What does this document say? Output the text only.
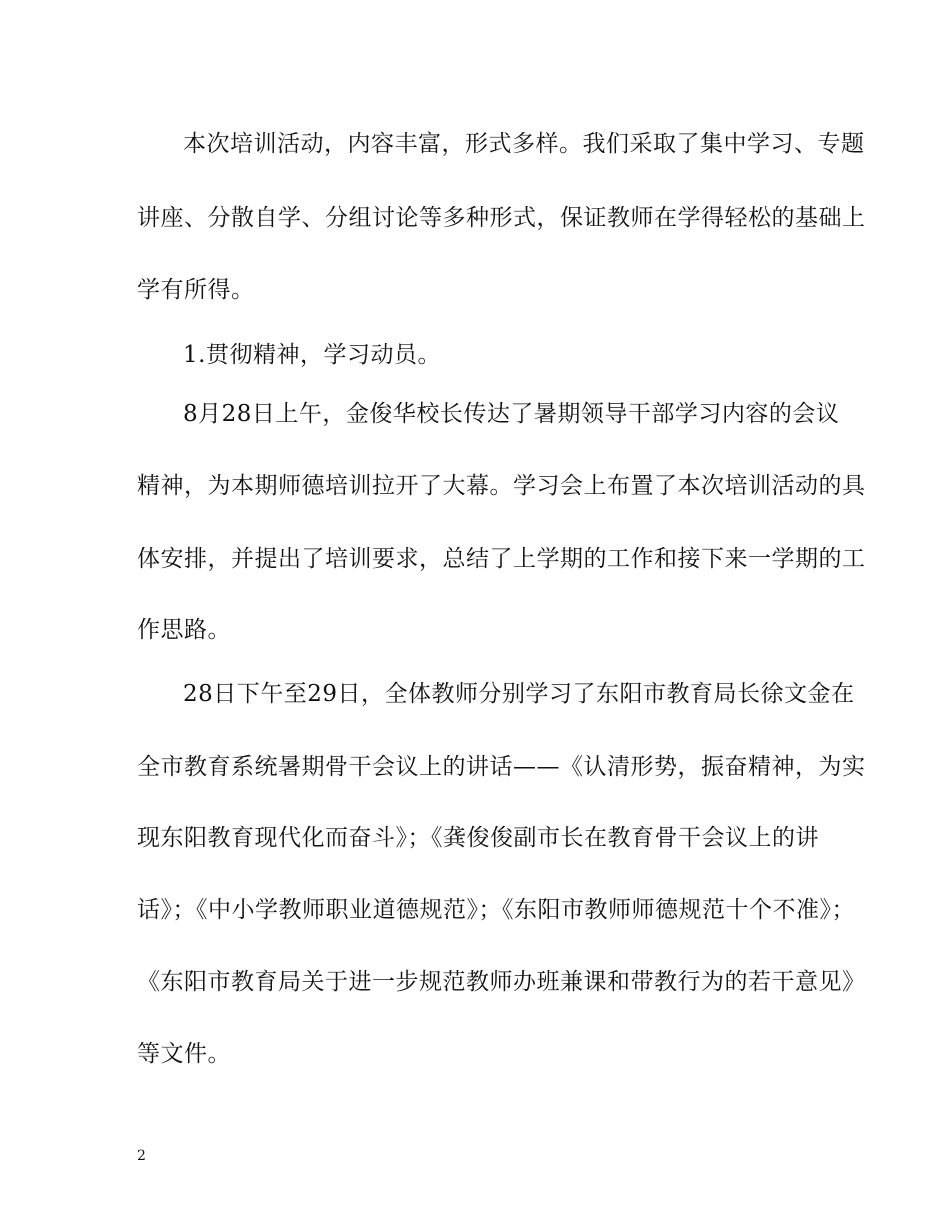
本次培训活动，内容丰富，形式多样。我们采取了集中学习、专题
讲座、分散自学、分组讨论等多种形式，保证教师在学得轻松的基础上
学有所得。
1.贯彻精神，学习动员。
8月28日上午，金俊华校长传达了暑期领导干部学习内容的会议
精神，为本期师德培训拉开了大幕。学习会上布置了本次培训活动的具
体安排，并提出了培训要求，总结了上学期的工作和接下来一学期的工
作思路。
28日下午至29日，全体教师分别学习了东阳市教育局长徐文金在
全市教育系统暑期骨干会议上的讲话——《认清形势，振奋精神，为实
现东阳教育现代化而奋斗》；《龚俊俊副市长在教育骨干会议上的讲
话》；《中小学教师职业道德规范》；《东阳市教师师德规范十个不准》；
《东阳市教育局关于进一步规范教师办班兼课和带教行为的若干意见》
等文件。
2
